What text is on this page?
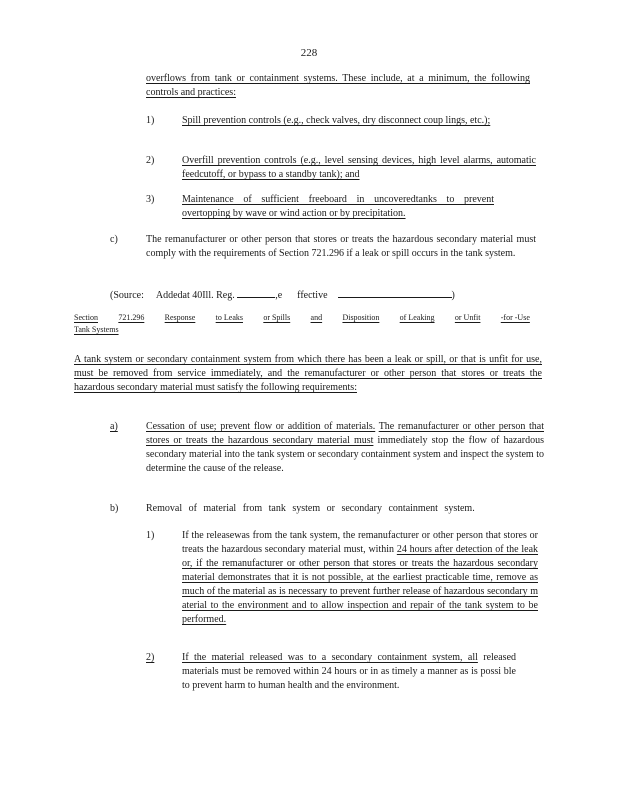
228
overflows from tank or containment systems. These include, at a minimum, the following controls and practices:
1)	Spill prevention controls (e.g., check valves, dry disconnect coup lings, etc.);
2)	Overfill prevention controls (e.g., level sensing devices, high level alarms, automatic feedcutoff, or bypass to a standby tank); and
3)	Maintenance of sufficient freeboard in uncoveredtanks to prevent overtopping by wave or wind action or by precipitation.
c)	The remanufacturer or other person that stores or treats the hazardous secondary material must comply with the requirements of Section 721.296 if a leak or spill occurs in the tank system.
(Source: Addedat 40Ill. Reg.	,e ffective	)
Section	721.296	Response	to Leaks	or Spills	and	Disposition	of Leaking	or Unfit	-for -Use
Tank Systems
A tank system or secondary containment system from which there has been a leak or spill, or that is unfit for use, must be removed from service immediately, and the remanufacturer or other person that stores or treats the hazardous secondary material must satisfy the following requirements:
a)	Cessation of use; prevent flow or addition of materials. The remanufacturer or other person that stores or treats the hazardous secondary material must immediately stop the flow of hazardous secondary material into the tank system or secondary containment system and inspect the system to determine the cause of the release.
b)	Removal of material from tank system or secondary containment system.
1)	If the releasewas from the tank system, the remanufacturer or other person that stores or treats the hazardous secondary material must, within 24 hours after detection of the leak or, if the remanufacturer or other person that stores or treats the hazardous secondary material demonstrates that it is not possible, at the earliest practicable time, remove as much of the material as is necessary to prevent further release of hazardous secondary m aterial to the environment and to allow inspection and repair of the tank system to be performed.
2)	If the material released was to a secondary containment system, all released materials must be removed within 24 hours or in as timely a manner as is possi ble to prevent harm to human health and the environment.
